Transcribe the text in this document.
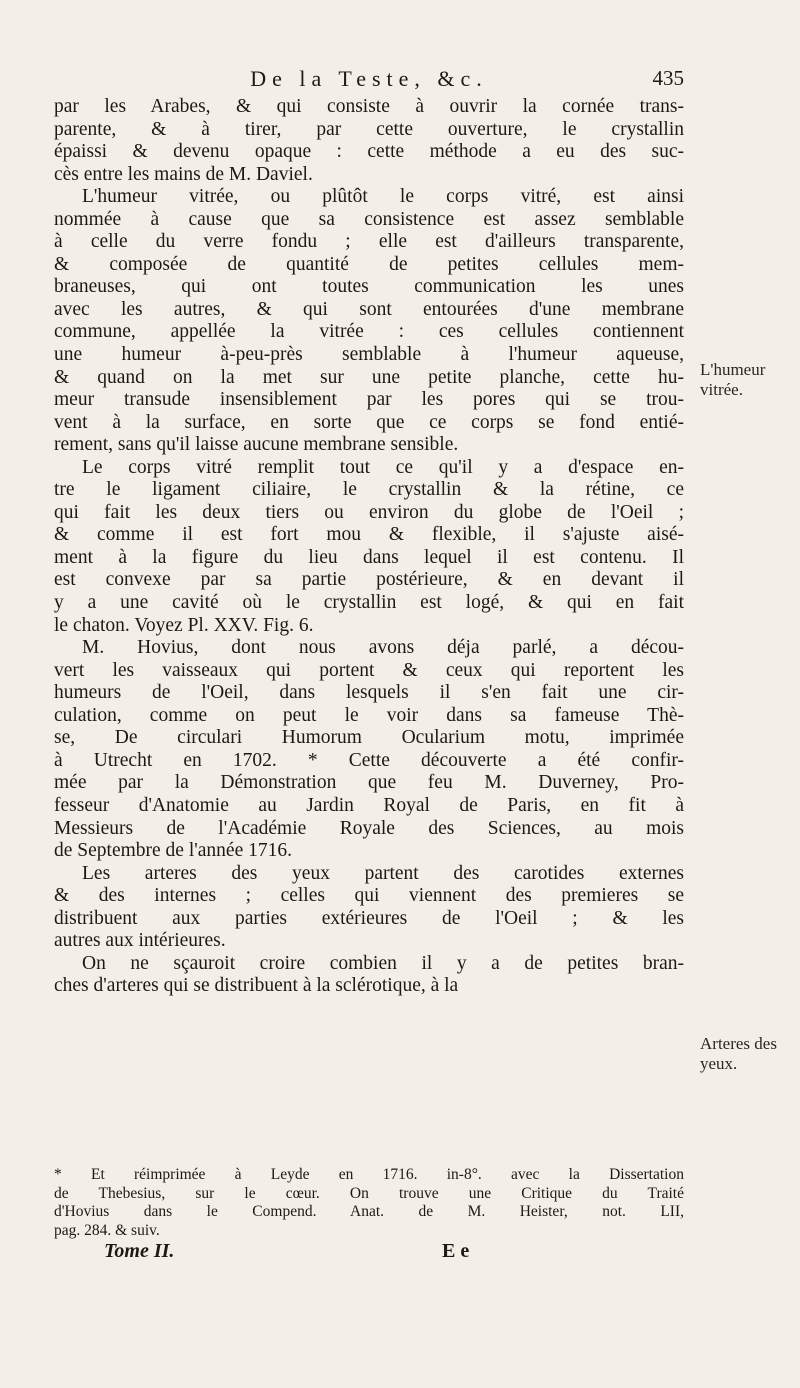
De la Teste, &c.	435
par les Arabes, & qui consiste à ouvrir la cornée trans-
parente, & à tirer, par cette ouverture, le crystallin
épaissi & devenu opaque : cette méthode a eu des suc-
cès entre les mains de M. Daviel.
L'humeur vitrée, ou plûtôt le corps vitré, est ainsi
nommée à cause que sa consistence est assez semblable
à celle du verre fondu ; elle est d'ailleurs transparente,
& composée de quantité de petites cellules mem-
braneuses, qui ont toutes communication les unes
avec les autres, & qui sont entourées d'une membrane
commune, appellée la vitrée : ces cellules contiennent
une humeur à-peu-près semblable à l'humeur aqueuse,
& quand on la met sur une petite planche, cette hu-
meur transude insensiblement par les pores qui se trou-
vent à la surface, en sorte que ce corps se fond entié-
rement, sans qu'il laisse aucune membrane sensible.
Le corps vitré remplit tout ce qu'il y a d'espace en-
tre le ligament ciliaire, le crystallin & la rétine, ce
qui fait les deux tiers ou environ du globe de l'Oeil ;
& comme il est fort mou & flexible, il s'ajuste aisé-
ment à la figure du lieu dans lequel il est contenu. Il
est convexe par sa partie postérieure, & en devant il
y a une cavité où le crystallin est logé, & qui en fait
le chaton. Voyez Pl. XXV. Fig. 6.
M. Hovius, dont nous avons déja parlé, a décou-
vert les vaisseaux qui portent & ceux qui reportent les
humeurs de l'Oeil, dans lesquels il s'en fait une cir-
culation, comme on peut le voir dans sa fameuse Thè-
se, De circulari Humorum Ocularium motu, imprimée
à Utrecht en 1702. * Cette découverte a été confir-
mée par la Démonstration que feu M. Duverney, Pro-
fesseur d'Anatomie au Jardin Royal de Paris, en fit à
Messieurs de l'Académie Royale des Sciences, au mois
de Septembre de l'année 1716.
Les arteres des yeux partent des carotides externes
& des internes ; celles qui viennent des premieres se
distribuent aux parties extérieures de l'Oeil ; & les
autres aux intérieures.
On ne sçauroit croire combien il y a de petites bran-
ches d'arteres qui se distribuent à la sclérotique, à la
L'humeur
vitrée.
Arteres des
yeux.
* Et réimprimée à Leyde en 1716. in-8°. avec la Dissertation
de Thebesius, sur le cœur. On trouve une Critique du Traité
d'Hovius dans le Compend. Anat. de M. Heister, not. LII,
pag. 284. & suiv.
Tome II.	E e
